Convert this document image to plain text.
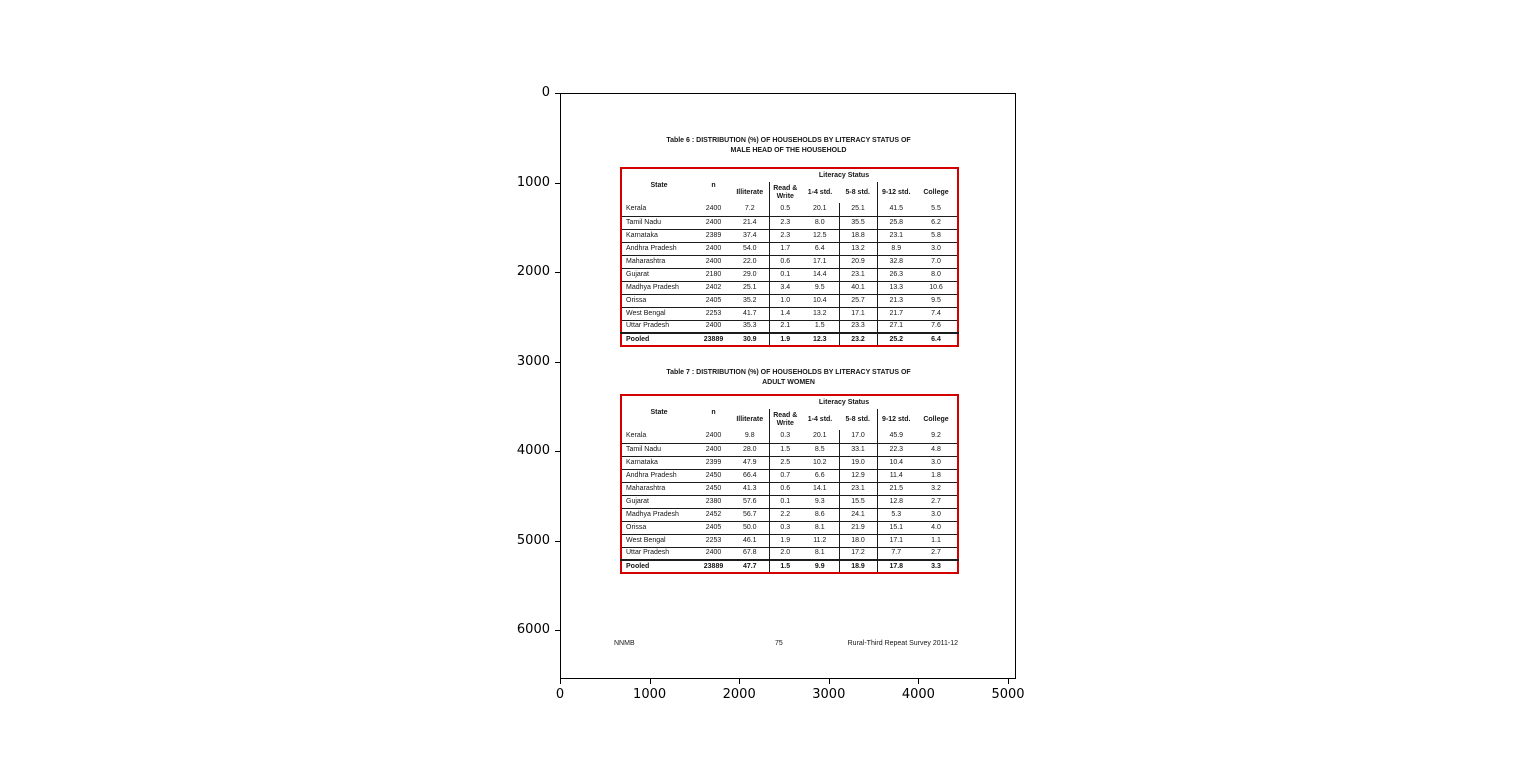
0
1000
2000
3000
4000
5000
6000
0	1000	2000	3000	4000	5000
Table 6 : DISTRIBUTION (%) OF HOUSEHOLDS BY LITERACY STATUS OF
MALE HEAD OF THE HOUSEHOLD
State	n	Literacy Status					
		Illiterate	Read & Write	1-4 std.	5-8 std.	9-12 std.	College
Kerala	2400	7.2	0.5	20.1	25.1	41.5	5.5
Tamil Nadu	2400	21.4	2.3	8.0	35.5	25.8	6.2
Karnataka	2389	37.4	2.3	12.5	18.8	23.1	5.8
Andhra Pradesh	2400	54.0	1.7	6.4	13.2	8.9	3.0
Maharashtra	2400	22.0	0.6	17.1	20.9	32.8	7.0
Gujarat	2180	29.0	0.1	14.4	23.1	26.3	8.0
Madhya Pradesh	2402	25.1	3.4	9.5	40.1	13.3	10.6
Orissa	2405	35.2	1.0	10.4	25.7	21.3	9.5
West Bengal	2253	41.7	1.4	13.2	17.1	21.7	7.4
Uttar Pradesh	2400	35.3	2.1	1.5	23.3	27.1	7.6
Pooled	23889	30.9	1.9	12.3	23.2	25.2	6.4
Table 7 : DISTRIBUTION (%) OF HOUSEHOLDS BY LITERACY STATUS OF
ADULT WOMEN
State	n	Literacy Status					
		Illiterate	Read & Write	1-4 std.	5-8 std.	9-12 std.	College
Kerala	2400	9.8	0.3	20.1	17.0	45.9	9.2
Tamil Nadu	2400	28.0	1.5	8.5	33.1	22.3	4.8
Karnataka	2399	47.9	2.5	10.2	19.0	10.4	3.0
Andhra Pradesh	2450	66.4	0.7	6.6	12.9	11.4	1.8
Maharashtra	2450	41.3	0.6	14.1	23.1	21.5	3.2
Gujarat	2380	57.6	0.1	9.3	15.5	12.8	2.7
Madhya Pradesh	2452	56.7	2.2	8.6	24.1	5.3	3.0
Orissa	2405	50.0	0.3	8.1	21.9	15.1	4.0
West Bengal	2253	46.1	1.9	11.2	18.0	17.1	1.1
Uttar Pradesh	2400	67.8	2.0	8.1	17.2	7.7	2.7
Pooled	23889	47.7	1.5	9.9	18.9	17.8	3.3
NNMB	75	Rural-Third Repeat Survey 2011-12
